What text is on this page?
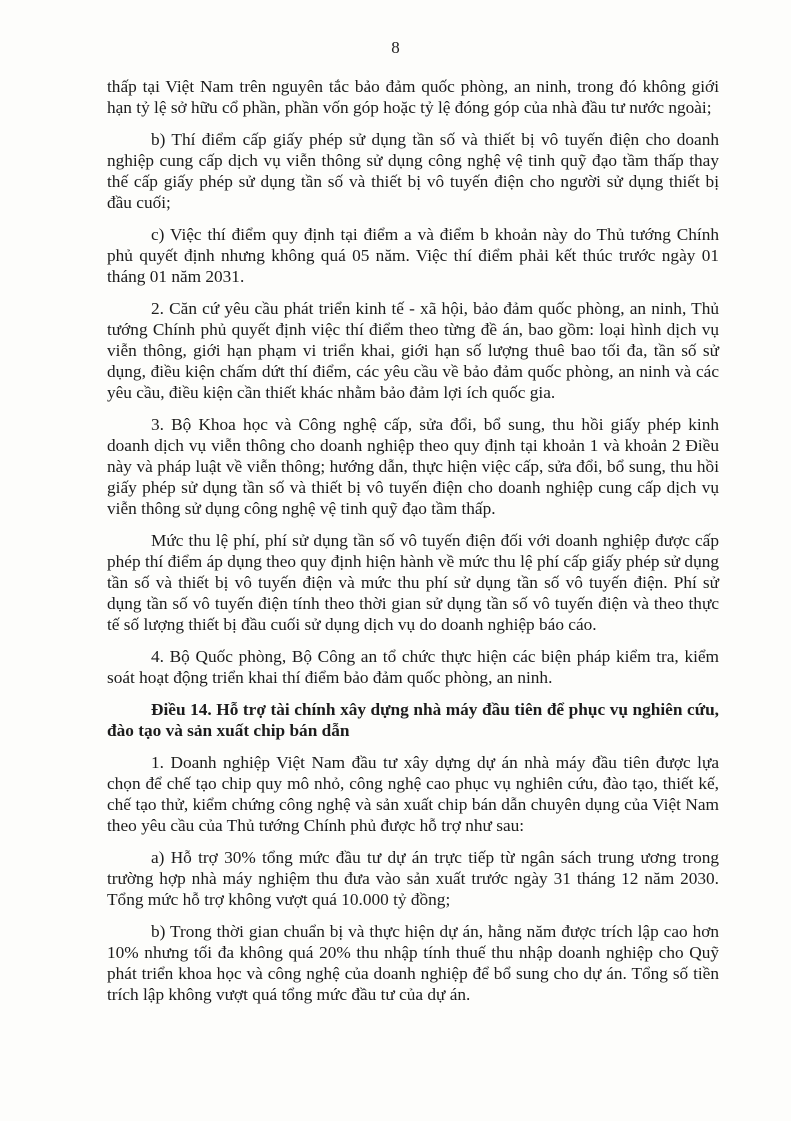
8

thấp tại Việt Nam trên nguyên tắc bảo đảm quốc phòng, an ninh, trong đó không giới hạn tỷ lệ sở hữu cổ phần, phần vốn góp hoặc tỷ lệ đóng góp của nhà đầu tư nước ngoài;

b) Thí điểm cấp giấy phép sử dụng tần số và thiết bị vô tuyến điện cho doanh nghiệp cung cấp dịch vụ viễn thông sử dụng công nghệ vệ tinh quỹ đạo tầm thấp thay thế cấp giấy phép sử dụng tần số và thiết bị vô tuyến điện cho người sử dụng thiết bị đầu cuối;

c) Việc thí điểm quy định tại điểm a và điểm b khoản này do Thủ tướng Chính phủ quyết định nhưng không quá 05 năm. Việc thí điểm phải kết thúc trước ngày 01 tháng 01 năm 2031.

2. Căn cứ yêu cầu phát triển kinh tế - xã hội, bảo đảm quốc phòng, an ninh, Thủ tướng Chính phủ quyết định việc thí điểm theo từng đề án, bao gồm: loại hình dịch vụ viễn thông, giới hạn phạm vi triển khai, giới hạn số lượng thuê bao tối đa, tần số sử dụng, điều kiện chấm dứt thí điểm, các yêu cầu về bảo đảm quốc phòng, an ninh và các yêu cầu, điều kiện cần thiết khác nhằm bảo đảm lợi ích quốc gia.

3. Bộ Khoa học và Công nghệ cấp, sửa đổi, bổ sung, thu hồi giấy phép kinh doanh dịch vụ viễn thông cho doanh nghiệp theo quy định tại khoản 1 và khoản 2 Điều này và pháp luật về viễn thông; hướng dẫn, thực hiện việc cấp, sửa đổi, bổ sung, thu hồi giấy phép sử dụng tần số và thiết bị vô tuyến điện cho doanh nghiệp cung cấp dịch vụ viễn thông sử dụng công nghệ vệ tinh quỹ đạo tầm thấp.

Mức thu lệ phí, phí sử dụng tần số vô tuyến điện đối với doanh nghiệp được cấp phép thí điểm áp dụng theo quy định hiện hành về mức thu lệ phí cấp giấy phép sử dụng tần số và thiết bị vô tuyến điện và mức thu phí sử dụng tần số vô tuyến điện. Phí sử dụng tần số vô tuyến điện tính theo thời gian sử dụng tần số vô tuyến điện và theo thực tế số lượng thiết bị đầu cuối sử dụng dịch vụ do doanh nghiệp báo cáo.

4. Bộ Quốc phòng, Bộ Công an tổ chức thực hiện các biện pháp kiểm tra, kiểm soát hoạt động triển khai thí điểm bảo đảm quốc phòng, an ninh.

Điều 14. Hỗ trợ tài chính xây dựng nhà máy đầu tiên để phục vụ nghiên cứu, đào tạo và sản xuất chip bán dẫn

1. Doanh nghiệp Việt Nam đầu tư xây dựng dự án nhà máy đầu tiên được lựa chọn để chế tạo chip quy mô nhỏ, công nghệ cao phục vụ nghiên cứu, đào tạo, thiết kế, chế tạo thử, kiểm chứng công nghệ và sản xuất chip bán dẫn chuyên dụng của Việt Nam theo yêu cầu của Thủ tướng Chính phủ được hỗ trợ như sau:

a) Hỗ trợ 30% tổng mức đầu tư dự án trực tiếp từ ngân sách trung ương trong trường hợp nhà máy nghiệm thu đưa vào sản xuất trước ngày 31 tháng 12 năm 2030. Tổng mức hỗ trợ không vượt quá 10.000 tỷ đồng;

b) Trong thời gian chuẩn bị và thực hiện dự án, hằng năm được trích lập cao hơn 10% nhưng tối đa không quá 20% thu nhập tính thuế thu nhập doanh nghiệp cho Quỹ phát triển khoa học và công nghệ của doanh nghiệp để bổ sung cho dự án. Tổng số tiền trích lập không vượt quá tổng mức đầu tư của dự án.
